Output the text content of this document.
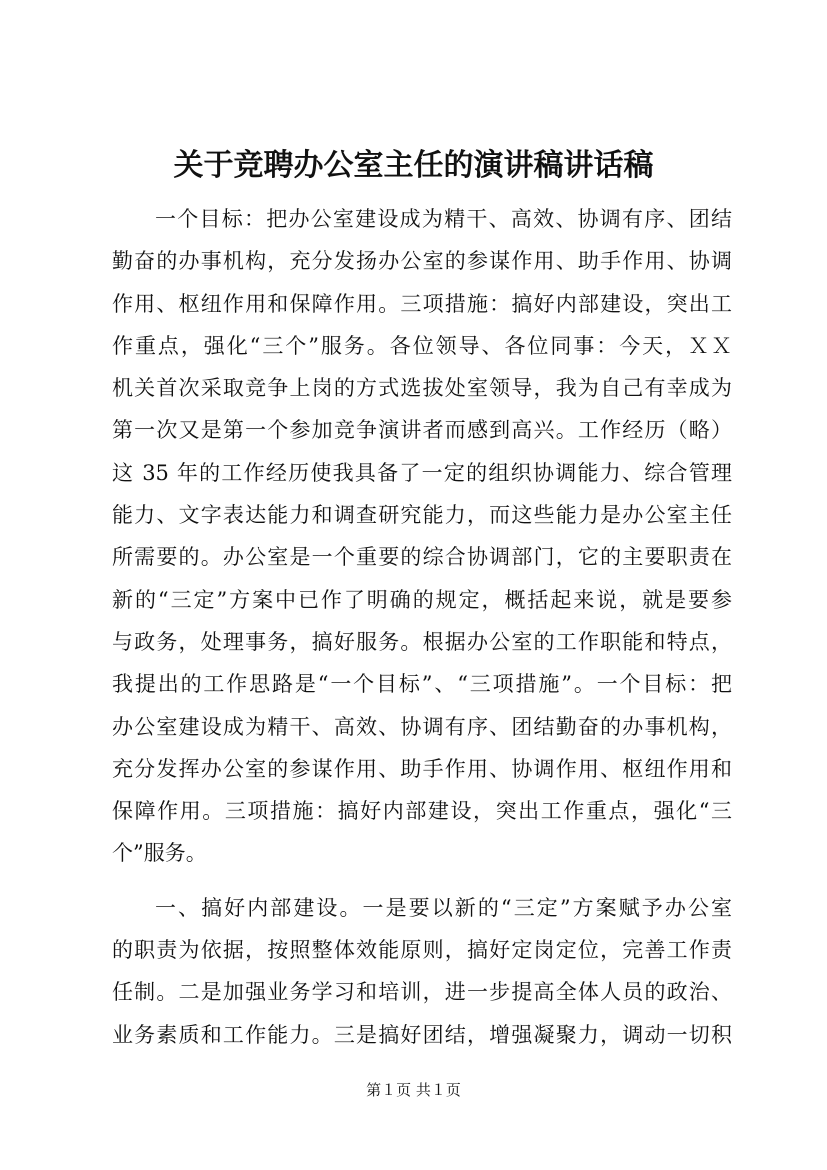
关于竞聘办公室主任的演讲稿讲话稿
一个目标：把办公室建设成为精干、高效、协调有序、团结
勤奋的办事机构，充分发扬办公室的参谋作用、助手作用、协调
作用、枢纽作用和保障作用。三项措施：搞好内部建设，突出工
作重点，强化“三个”服务。各位领导、各位同事：今天，ＸＸ
机关首次采取竞争上岗的方式选拔处室领导，我为自己有幸成为
第一次又是第一个参加竞争演讲者而感到高兴。工作经历（略）
这 35 年的工作经历使我具备了一定的组织协调能力、综合管理
能力、文字表达能力和调查研究能力，而这些能力是办公室主任
所需要的。办公室是一个重要的综合协调部门，它的主要职责在
新的“三定”方案中已作了明确的规定，概括起来说，就是要参
与政务，处理事务，搞好服务。根据办公室的工作职能和特点，
我提出的工作思路是“一个目标”、“三项措施”。一个目标：把
办公室建设成为精干、高效、协调有序、团结勤奋的办事机构，
充分发挥办公室的参谋作用、助手作用、协调作用、枢纽作用和
保障作用。三项措施：搞好内部建设，突出工作重点，强化“三
个”服务。
一、搞好内部建设。一是要以新的“三定”方案赋予办公室
的职责为依据，按照整体效能原则，搞好定岗定位，完善工作责
任制。二是加强业务学习和培训，进一步提高全体人员的政治、
业务素质和工作能力。三是搞好团结，增强凝聚力，调动一切积
第１页 共１页
